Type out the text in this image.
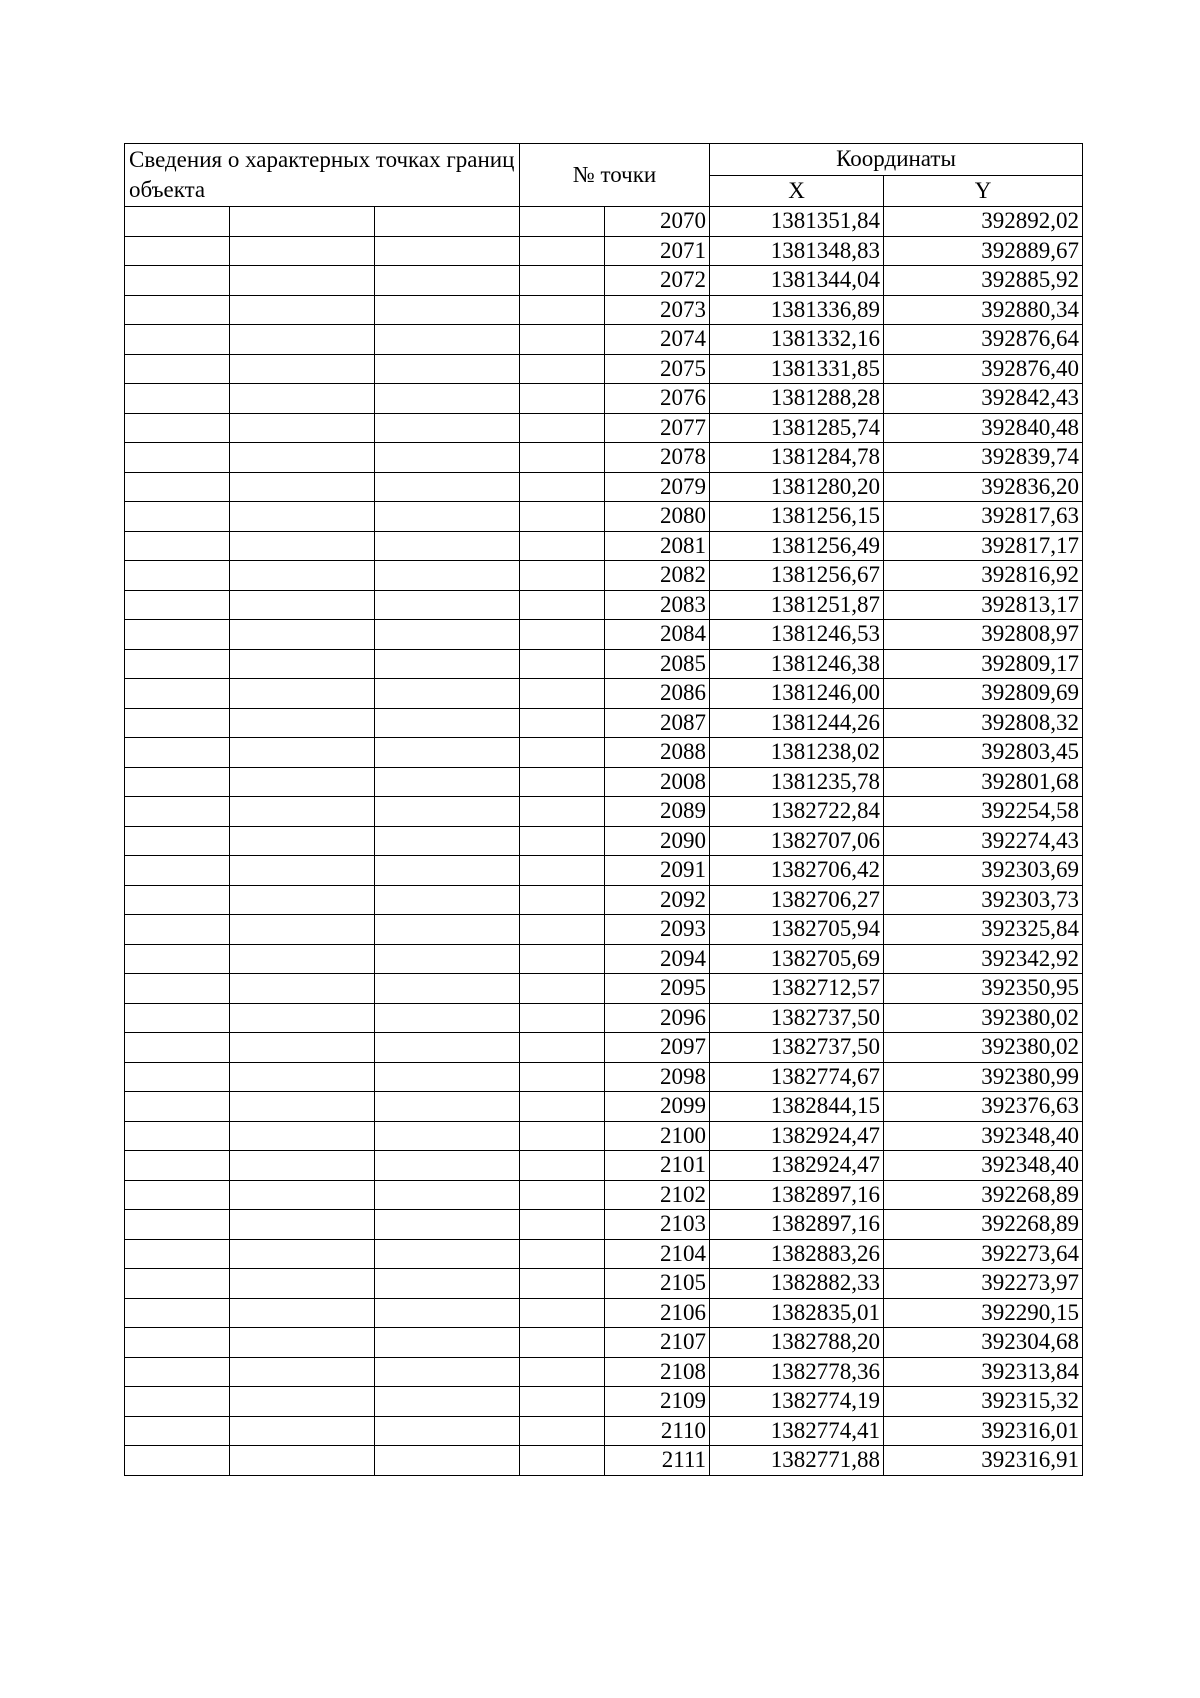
Сведения о характерных точках границ объекта			№ точки		Координаты	
					X	Y
				2070	1381351,84	392892,02
				2071	1381348,83	392889,67
				2072	1381344,04	392885,92
				2073	1381336,89	392880,34
				2074	1381332,16	392876,64
				2075	1381331,85	392876,40
				2076	1381288,28	392842,43
				2077	1381285,74	392840,48
				2078	1381284,78	392839,74
				2079	1381280,20	392836,20
				2080	1381256,15	392817,63
				2081	1381256,49	392817,17
				2082	1381256,67	392816,92
				2083	1381251,87	392813,17
				2084	1381246,53	392808,97
				2085	1381246,38	392809,17
				2086	1381246,00	392809,69
				2087	1381244,26	392808,32
				2088	1381238,02	392803,45
				2008	1381235,78	392801,68
				2089	1382722,84	392254,58
				2090	1382707,06	392274,43
				2091	1382706,42	392303,69
				2092	1382706,27	392303,73
				2093	1382705,94	392325,84
				2094	1382705,69	392342,92
				2095	1382712,57	392350,95
				2096	1382737,50	392380,02
				2097	1382737,50	392380,02
				2098	1382774,67	392380,99
				2099	1382844,15	392376,63
				2100	1382924,47	392348,40
				2101	1382924,47	392348,40
				2102	1382897,16	392268,89
				2103	1382897,16	392268,89
				2104	1382883,26	392273,64
				2105	1382882,33	392273,97
				2106	1382835,01	392290,15
				2107	1382788,20	392304,68
				2108	1382778,36	392313,84
				2109	1382774,19	392315,32
				2110	1382774,41	392316,01
				2111	1382771,88	392316,91
